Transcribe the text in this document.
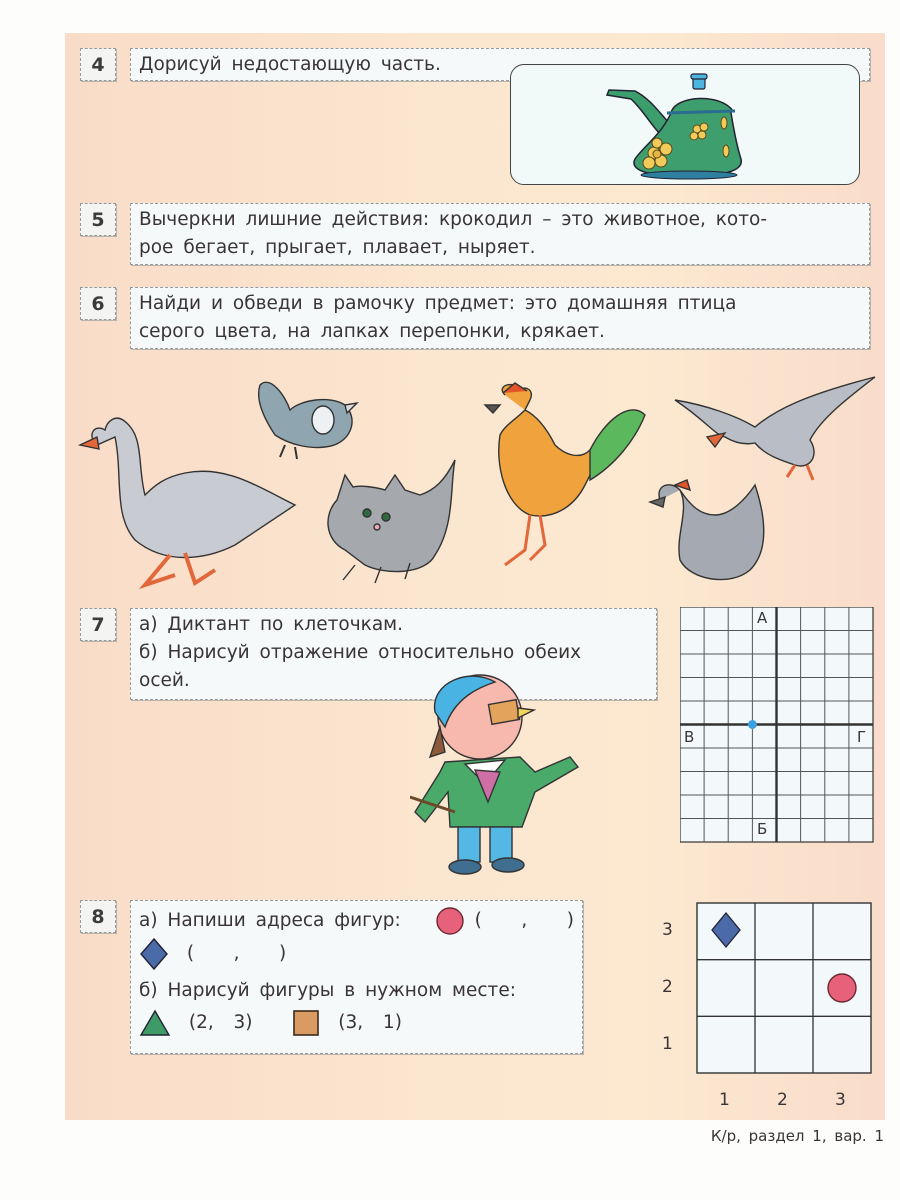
4	Дорисуй недостающую часть.
5	Вычеркни лишние действия: крокодил – это животное, кото-
рое бегает, прыгает, плавает, ныряет.
6	Найди и обведи в рамочку предмет: это домашняя птица
серого цвета, на лапках перепонки, крякает.
7	а) Диктант по клеточкам.
б) Нарисуй отражение относительно обеих
осей.
А
Б
В	Г
8	а) Напиши адреса фигур:	(    ,    )
(    ,    )
б) Нарисуй фигуры в нужном месте:
(2,  3)	(3,  1)
3
2
1
1	2	3
К/р, раздел 1, вар. 1
